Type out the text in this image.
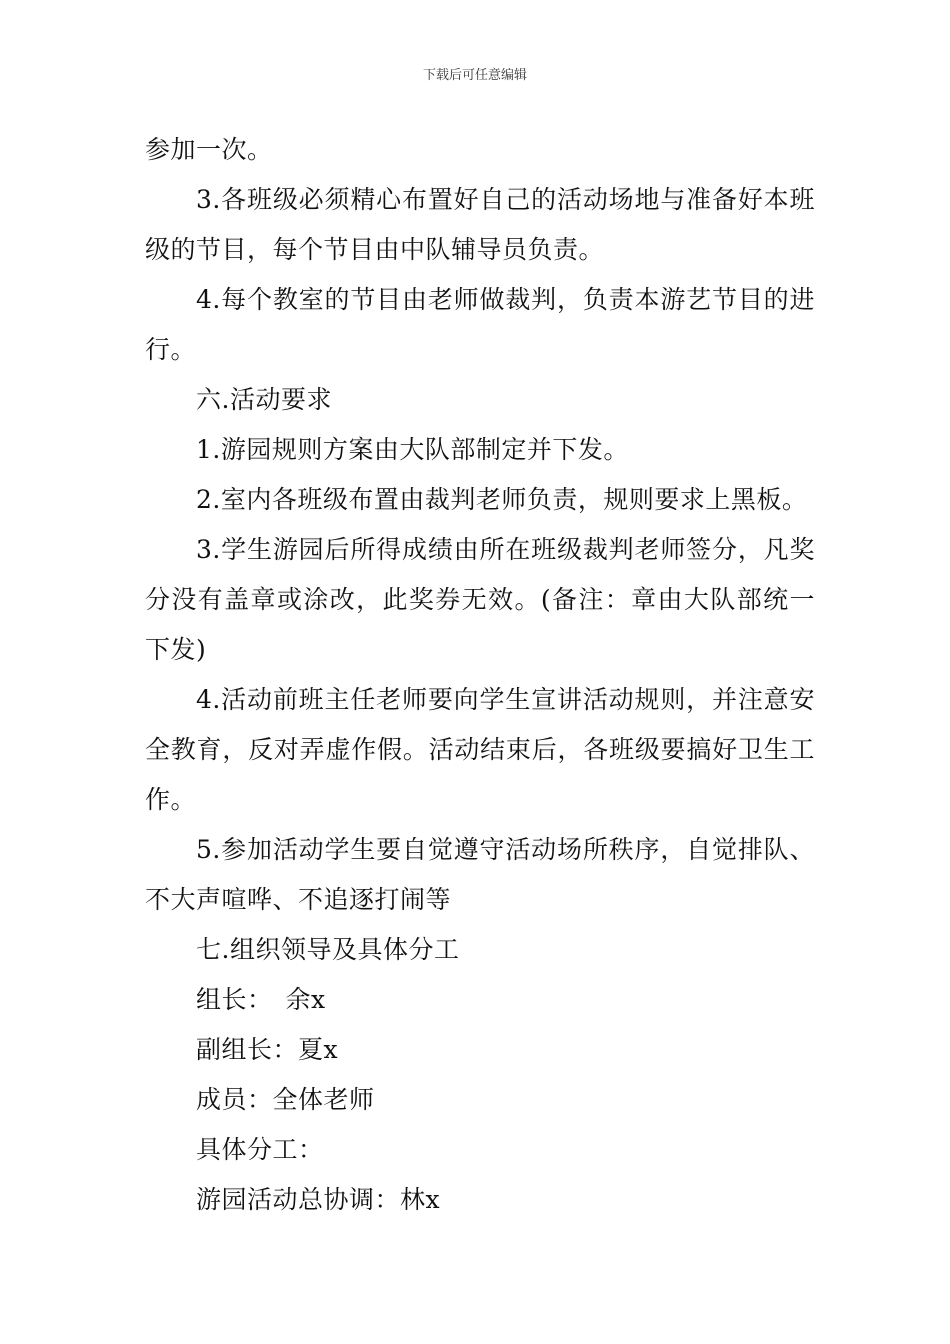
下载后可任意编辑

参加一次。

3.各班级必须精心布置好自己的活动场地与准备好本班级的节目，每个节目由中队辅导员负责。

4.每个教室的节目由老师做裁判，负责本游艺节目的进行。

六.活动要求

1.游园规则方案由大队部制定并下发。

2.室内各班级布置由裁判老师负责，规则要求上黑板。

3.学生游园后所得成绩由所在班级裁判老师签分，凡奖分没有盖章或涂改，此奖券无效。(备注：章由大队部统一下发)

4.活动前班主任老师要向学生宣讲活动规则，并注意安全教育，反对弄虚作假。活动结束后，各班级要搞好卫生工作。

5.参加活动学生要自觉遵守活动场所秩序，自觉排队、不大声喧哗、不追逐打闹等

七.组织领导及具体分工

组长：　余x

副组长：夏x

成员：全体老师

具体分工：

游园活动总协调：林x
